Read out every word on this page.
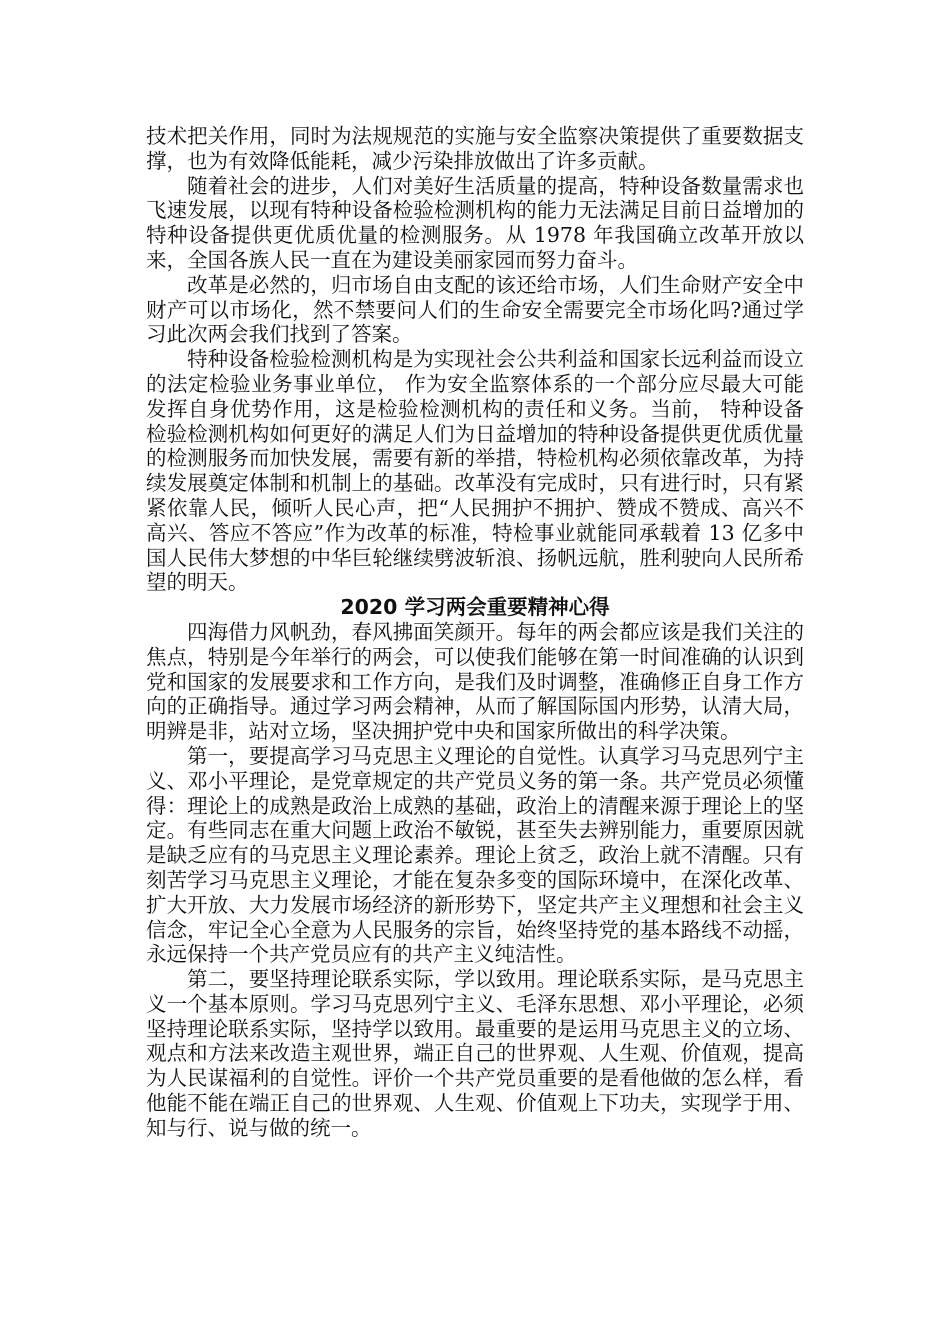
技术把关作用，同时为法规规范的实施与安全监察决策提供了重要数据支撑，也为有效降低能耗，减少污染排放做出了许多贡献。

随着社会的进步，人们对美好生活质量的提高，特种设备数量需求也飞速发展，以现有特种设备检验检测机构的能力无法满足目前日益增加的特种设备提供更优质优量的检测服务。从 1978 年我国确立改革开放以来，全国各族人民一直在为建设美丽家园而努力奋斗。

改革是必然的，归市场自由支配的该还给市场，人们生命财产安全中财产可以市场化，然不禁要问人们的生命安全需要完全市场化吗?通过学习此次两会我们找到了答案。

特种设备检验检测机构是为实现社会公共利益和国家长远利益而设立的法定检验业务事业单位， 作为安全监察体系的一个部分应尽最大可能发挥自身优势作用，这是检验检测机构的责任和义务。当前， 特种设备检验检测机构如何更好的满足人们为日益增加的特种设备提供更优质优量的检测服务而加快发展，需要有新的举措，特检机构必须依靠改革，为持续发展奠定体制和机制上的基础。改革没有完成时，只有进行时，只有紧紧依靠人民，倾听人民心声，把“人民拥护不拥护、赞成不赞成、高兴不高兴、答应不答应”作为改革的标准，特检事业就能同承载着 13 亿多中国人民伟大梦想的中华巨轮继续劈波斩浪、扬帆远航，胜利驶向人民所希望的明天。

2020 学习两会重要精神心得

四海借力风帆劲，春风拂面笑颜开。每年的两会都应该是我们关注的焦点，特别是今年举行的两会，可以使我们能够在第一时间准确的认识到党和国家的发展要求和工作方向，是我们及时调整，准确修正自身工作方向的正确指导。通过学习两会精神，从而了解国际国内形势，认清大局，明辨是非，站对立场，坚决拥护党中央和国家所做出的科学决策。

第一，要提高学习马克思主义理论的自觉性。认真学习马克思列宁主义、邓小平理论，是党章规定的共产党员义务的第一条。共产党员必须懂得：理论上的成熟是政治上成熟的基础，政治上的清醒来源于理论上的坚定。有些同志在重大问题上政治不敏锐，甚至失去辨别能力，重要原因就是缺乏应有的马克思主义理论素养。理论上贫乏，政治上就不清醒。只有刻苦学习马克思主义理论，才能在复杂多变的国际环境中，在深化改革、扩大开放、大力发展市场经济的新形势下，坚定共产主义理想和社会主义信念，牢记全心全意为人民服务的宗旨，始终坚持党的基本路线不动摇，永远保持一个共产党员应有的共产主义纯洁性。

第二，要坚持理论联系实际，学以致用。理论联系实际，是马克思主义一个基本原则。学习马克思列宁主义、毛泽东思想、邓小平理论，必须坚持理论联系实际，坚持学以致用。最重要的是运用马克思主义的立场、观点和方法来改造主观世界，端正自己的世界观、人生观、价值观，提高为人民谋福利的自觉性。评价一个共产党员重要的是看他做的怎么样，看他能不能在端正自己的世界观、人生观、价值观上下功夫，实现学于用、知与行、说与做的统一。
